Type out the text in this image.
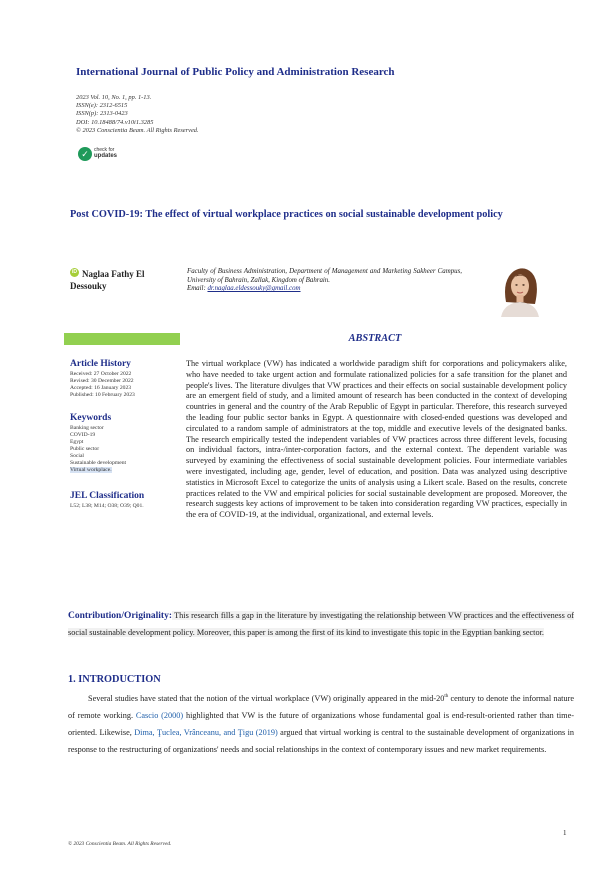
International Journal of Public Policy and Administration Research
2023 Vol. 10, No. 1, pp. 1-13.
ISSN(e): 2312-6515
ISSN(p): 2313-0423
DOI: 10.18488/74.v10i1.3285
© 2023 Conscientia Beam. All Rights Reserved.
✓	check for
updates
Post COVID-19: The effect of virtual workplace practices on social sustainable development policy
Naglaa Fathy El Dessouky
iD	Faculty of Business Administration, Department of Management and Marketing Sakheer Campus, University of Bahrain, Zallak, Kingdom of Bahrain.
Email: dr.naglaa.eldessouky@gmail.com
ABSTRACT
Article History
Received: 27 October 2022
Revised: 30 December 2022
Accepted: 16 January 2023
Published: 10 February 2023
Keywords
Banking sector
COVID-19
Egypt
Public sector
Social
Sustainable development
Virtual workplace.
JEL Classification
L52; L38; M14; O38; O39; Q01.
The virtual workplace (VW) has indicated a worldwide paradigm shift for corporations and policymakers alike, who have needed to take urgent action and formulate rationalized policies for a safe transition for the planet and people's lives. The literature divulges that VW practices and their effects on social sustainable development policy are an emergent field of study, and a limited amount of research has been conducted in the context of developing countries in general and the country of the Arab Republic of Egypt in particular. Therefore, this research surveyed the leading four public sector banks in Egypt. A questionnaire with closed-ended questions was developed and circulated to a random sample of administrators at the top, middle and executive levels of the designated banks. The research empirically tested the independent variables of VW practices across three different levels, focusing on individual factors, intra-/inter-corporation factors, and the external context. The dependent variable was surveyed by examining the effectiveness of social sustainable development policies. Four intermediate variables were investigated, including age, gender, level of education, and position. Data was analyzed using descriptive statistics in Microsoft Excel to categorize the units of analysis using a Likert scale. Based on the results, concrete practices related to the VW and empirical policies for social sustainable development are proposed. Moreover, the research suggests key actions of improvement to be taken into consideration regarding VW practices, especially in the era of COVID-19, at the individual, organizational, and external levels.
Contribution/Originality: This research fills a gap in the literature by investigating the relationship between VW practices and the effectiveness of social sustainable development policy. Moreover, this paper is among the first of its kind to investigate this topic in the Egyptian banking sector.
1. INTRODUCTION
Several studies have stated that the notion of the virtual workplace (VW) originally appeared in the mid-20th century to denote the informal nature of remote working. Cascio (2000) highlighted that VW is the future of organizations whose fundamental goal is end-result-oriented rather than time-oriented. Likewise, Dima, Ţuclea, Vrânceanu, and Ţigu (2019) argued that virtual working is central to the sustainable development of organizations in response to the restructuring of organizations' needs and social relationships in the context of contemporary issues and new market requirements.
1
© 2023 Conscientia Beam. All Rights Reserved.
